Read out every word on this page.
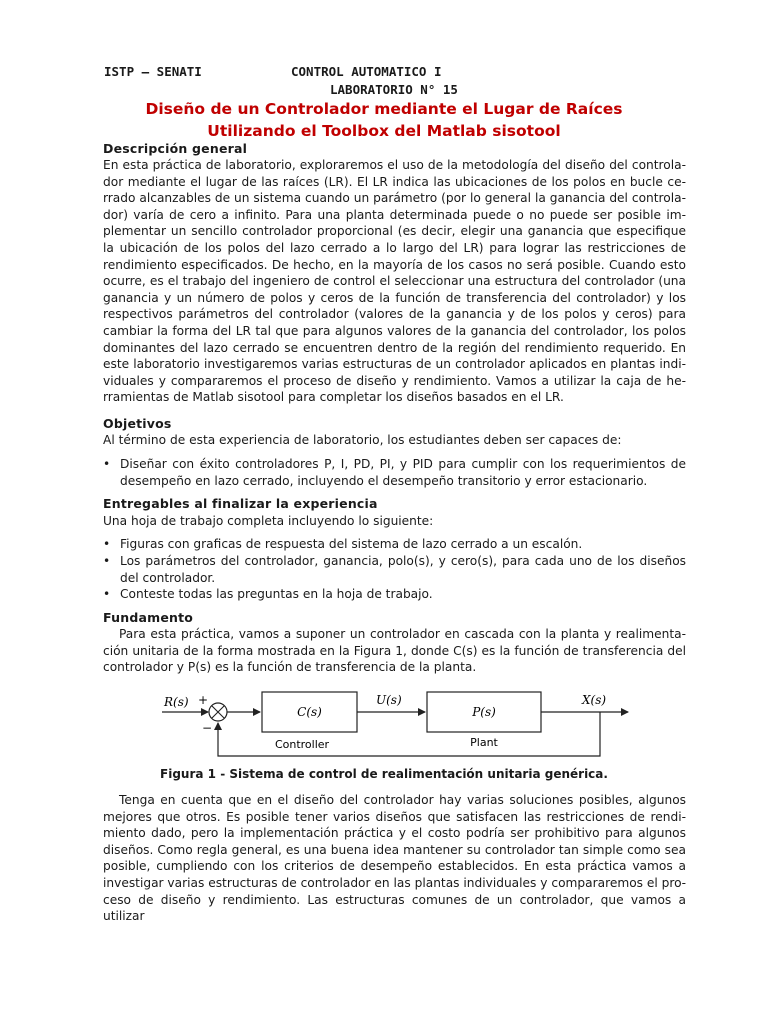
ISTP – SENATI	CONTROL AUTOMATICO I
LABORATORIO N° 15
Diseño de un Controlador mediante el Lugar de Raíces
Utilizando el Toolbox del Matlab sisotool
Descripción general
En esta práctica de laboratorio, exploraremos el uso de la metodología del diseño del controlador mediante el lugar de las raíces (LR). El LR indica las ubicaciones de los polos en bucle cerrado alcanzables de un sistema cuando un parámetro (por lo general la ganancia del controlador) varía de cero a infinito. Para una planta determinada puede o no puede ser posible implementar un sencillo controlador proporcional (es decir, elegir una ganancia que especifique la ubicación de los polos del lazo cerrado a lo largo del LR) para lograr las restricciones de rendimiento especificados. De hecho, en la mayoría de los casos no será posible. Cuando esto ocurre, es el trabajo del ingeniero de control el seleccionar una estructura del controlador (una ganancia y un número de polos y ceros de la función de transferencia del controlador) y los respectivos parámetros del controlador (valores de la ganancia y de los polos y ceros) para cambiar la forma del LR tal que para algunos valores de la ganancia del controlador, los polos dominantes del lazo cerrado se encuentren dentro de la región del rendimiento requerido. En este laboratorio investigaremos varias estructuras de un controlador aplicados en plantas individuales y compararemos el proceso de diseño y rendimiento. Vamos a utilizar la caja de herramientas de Matlab sisotool para completar los diseños basados en el LR.
Objetivos
Al término de esta experiencia de laboratorio, los estudiantes deben ser capaces de:
• Diseñar con éxito controladores P, I, PD, PI, y PID para cumplir con los requerimientos de desempeño en lazo cerrado, incluyendo el desempeño transitorio y error estacionario.
Entregables al finalizar la experiencia
Una hoja de trabajo completa incluyendo lo siguiente:
• Figuras con graficas de respuesta del sistema de lazo cerrado a un escalón.
• Los parámetros del controlador, ganancia, polo(s), y cero(s), para cada uno de los diseños del controlador.
• Conteste todas las preguntas en la hoja de trabajo.
Fundamento
Para esta práctica, vamos a suponer un controlador en cascada con la planta y realimentación unitaria de la forma mostrada en la Figura 1, donde C(s) es la función de transferencia del controlador y P(s) es la función de transferencia de la planta.
R(s) +
−
C(s)
Controller
U(s)
P(s)
Plant
X(s)
Figura 1 - Sistema de control de realimentación unitaria genérica.
Tenga en cuenta que en el diseño del controlador hay varias soluciones posibles, algunos mejores que otros. Es posible tener varios diseños que satisfacen las restricciones de rendimiento dado, pero la implementación práctica y el costo podría ser prohibitivo para algunos diseños. Como regla general, es una buena idea mantener su controlador tan simple como sea posible, cumpliendo con los criterios de desempeño establecidos. En esta práctica vamos a investigar varias estructuras de controlador en las plantas individuales y compararemos el proceso de diseño y rendimiento. Las estructuras comunes de un controlador, que vamos a utilizar
